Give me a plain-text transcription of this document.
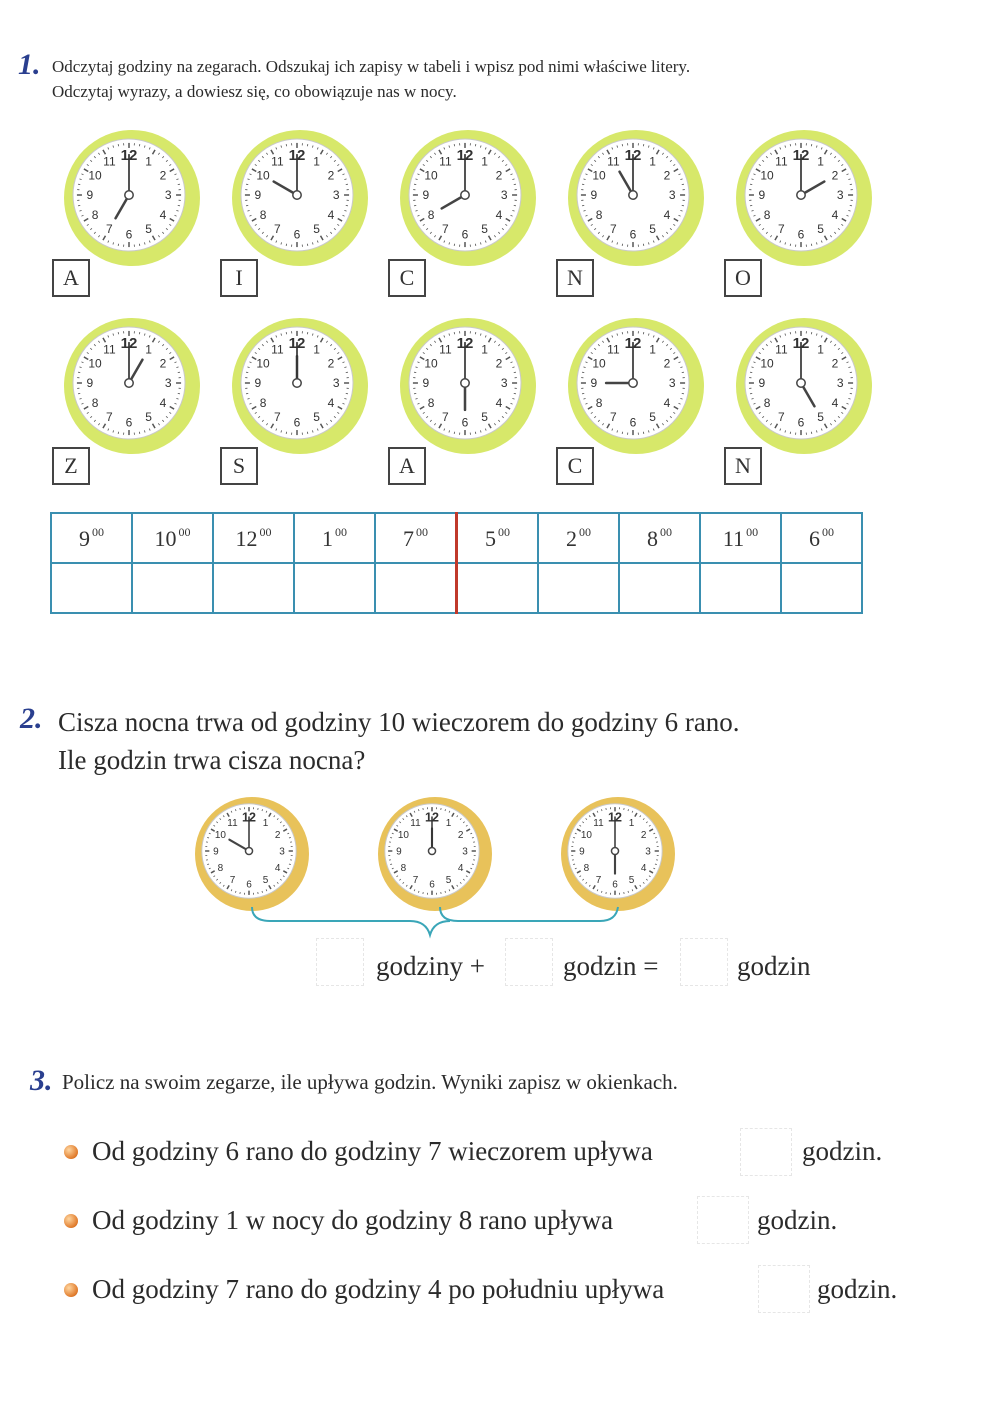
1. Odczytaj godziny na zegarach. Odszukaj ich zapisy w tabeli i wpisz pod nimi właściwe litery.
Odczytaj wyrazy, a dowiesz się, co obowiązuje nas w nocy.
1
2
3
4
5
6
7
8
9
10
11 12
A
1
2
3
4
5
6
7
8
9
10
11 12
I
1
2
3
4
5
6
7
8
9
10
11 12
C
1
2
3
4
5
6
7
8
9
10
11 12
N
1
2
3
4
5
6
7
8
9
10
11 12
O
1
2
3
4
5
6
7
8
9
10
11 12
Z
1
2
3
4
5
6
7
8
9
10
11 12
S
1
2
3
4
5
6
7
8
9
10
11 12
A
1
2
3
4
5
6
7
8
9
10
11 12
C
1
2
3
4
5
6
7
8
9
10
11 12
N
9 $^{00}$	10 $^{00}$	12 $^{00}$	1 $^{00}$	7 $^{00}$	5 $^{00}$	2 $^{00}$	8 $^{00}$	11 $^{00}$	6 $^{00}$

2. Cisza nocna trwa od godziny 10 wieczorem do godziny 6 rano.
Ile godzin trwa cisza nocna?
1
2
3
4
5
6
7
8
9
10
11 12	1
2
3
4
5
6
7
8
9
10
11 12	1
2
3
4
5
6
7
8
9
10
11 12
godziny +	godzin =	godzin
3. Policz na swoim zegarze, ile upływa godzin. Wyniki zapisz w okienkach.
Od godziny 6 rano do godziny 7 wieczorem upływa	godzin.
Od godziny 1 w nocy do godziny 8 rano upływa	godzin.
Od godziny 7 rano do godziny 4 po południu upływa	godzin.
